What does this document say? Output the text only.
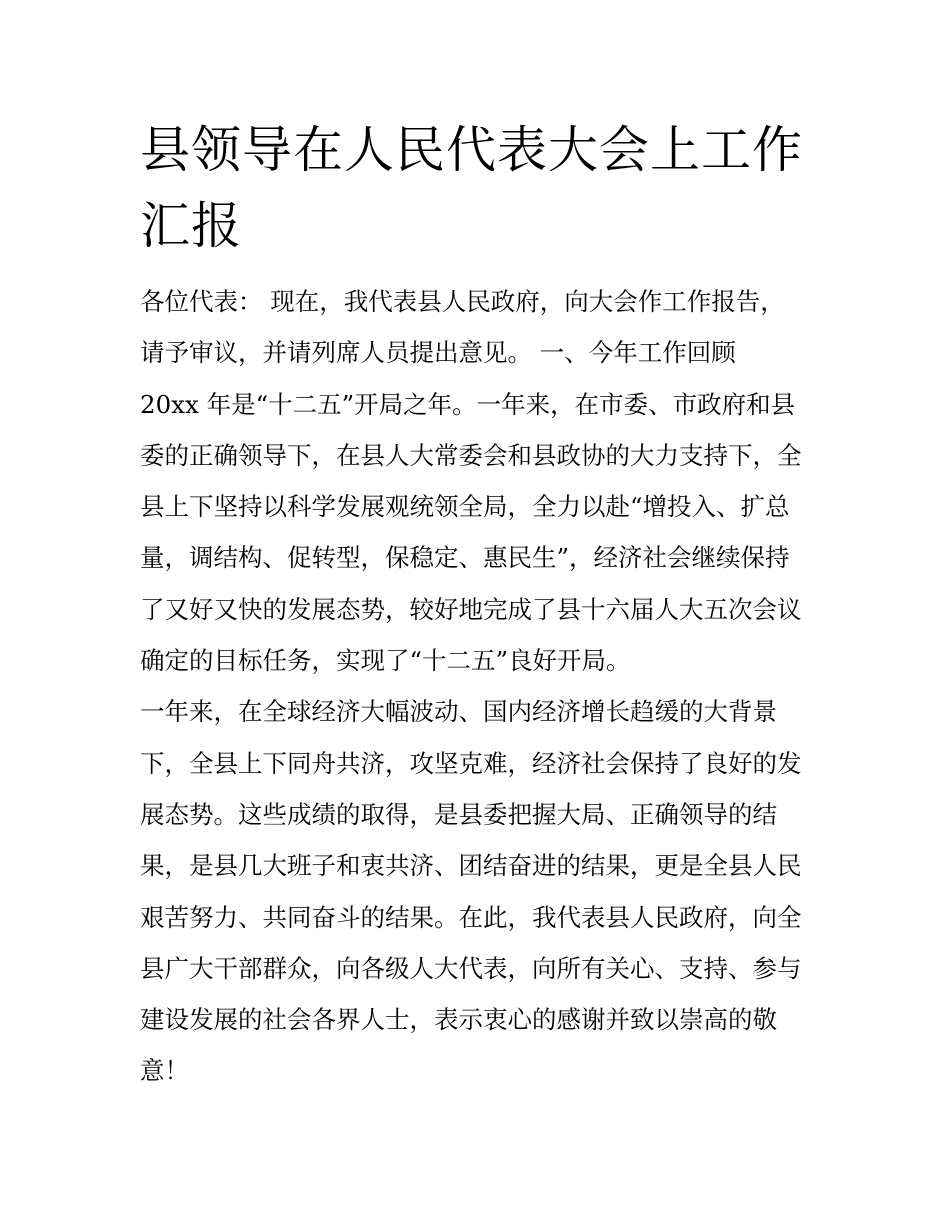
县领导在人民代表大会上工作
汇报
各位代表： 现在，我代表县人民政府，向大会作工作报告，
请予审议，并请列席人员提出意见。 一、今年工作回顾
20xx 年是“十二五”开局之年。一年来，在市委、市政府和县
委的正确领导下，在县人大常委会和县政协的大力支持下，全
县上下坚持以科学发展观统领全局，全力以赴“增投入、扩总
量，调结构、促转型，保稳定、惠民生”，经济社会继续保持
了又好又快的发展态势，较好地完成了县十六届人大五次会议
确定的目标任务，实现了“十二五”良好开局。
一年来，在全球经济大幅波动、国内经济增长趋缓的大背景
下，全县上下同舟共济，攻坚克难，经济社会保持了良好的发
展态势。这些成绩的取得，是县委把握大局、正确领导的结
果，是县几大班子和衷共济、团结奋进的结果，更是全县人民
艰苦努力、共同奋斗的结果。在此，我代表县人民政府，向全
县广大干部群众，向各级人大代表，向所有关心、支持、参与
建设发展的社会各界人士，表示衷心的感谢并致以崇高的敬
意！
